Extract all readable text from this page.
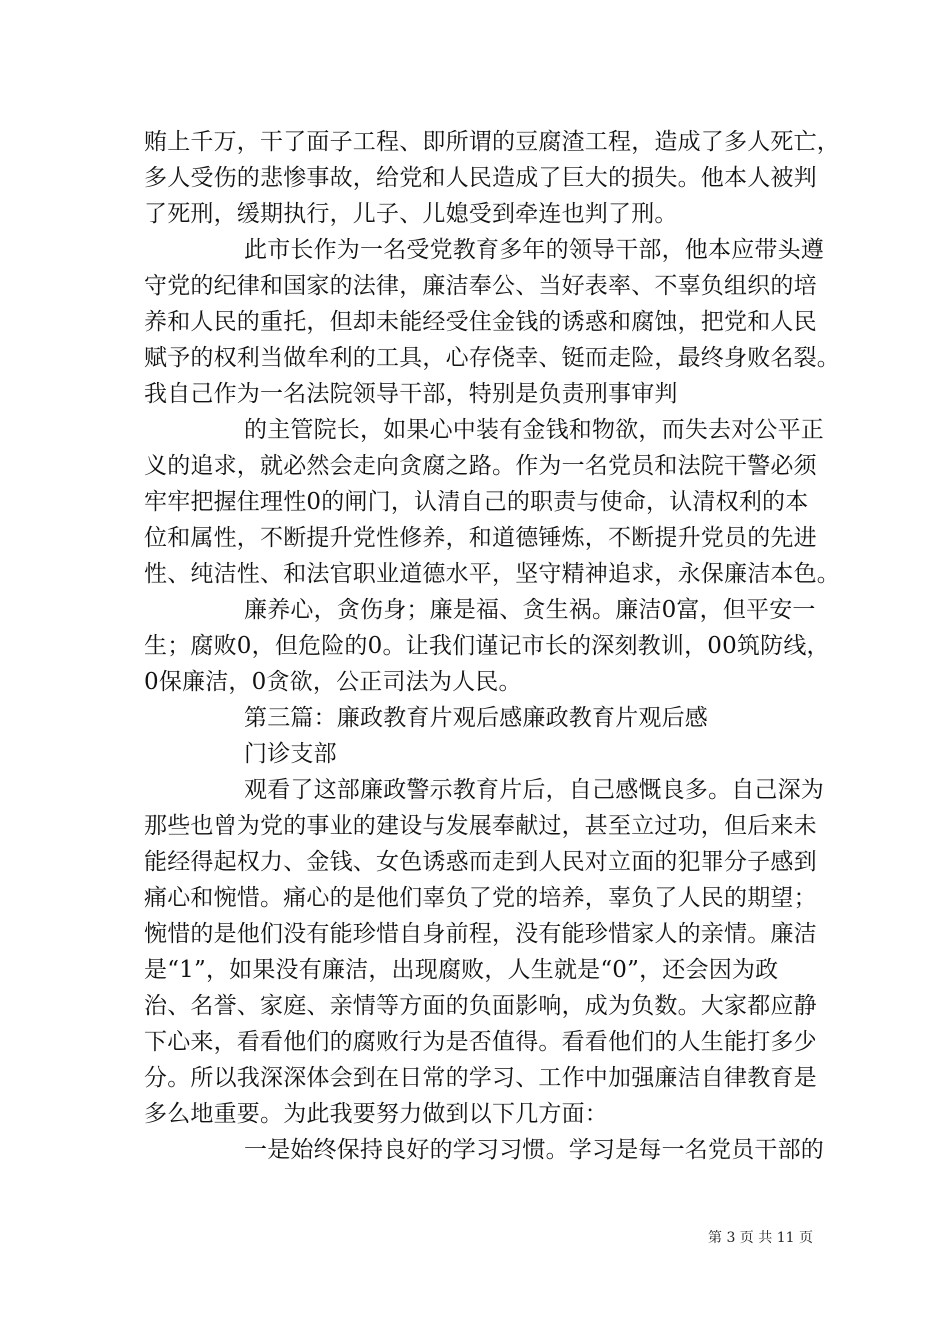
贿上千万，干了面子工程、即所谓的豆腐渣工程，造成了多人死亡，
多人受伤的悲惨事故，给党和人民造成了巨大的损失。他本人被判
了死刑，缓期执行，儿子、儿媳受到牵连也判了刑。
此市长作为一名受党教育多年的领导干部，他本应带头遵
守党的纪律和国家的法律，廉洁奉公、当好表率、不辜负组织的培
养和人民的重托，但却未能经受住金钱的诱惑和腐蚀，把党和人民
赋予的权利当做牟利的工具，心存侥幸、铤而走险，最终身败名裂。
我自己作为一名法院领导干部，特别是负责刑事审判
的主管院长，如果心中装有金钱和物欲，而失去对公平正
义的追求，就必然会走向贪腐之路。作为一名党员和法院干警必须
牢牢把握住理性0的闸门，认清自己的职责与使命，认清权利的本
位和属性，不断提升党性修养，和道德锤炼，不断提升党员的先进
性、纯洁性、和法官职业道德水平，坚守精神追求，永保廉洁本色。
廉养心，贪伤身；廉是福、贪生祸。廉洁0富，但平安一
生；腐败0，但危险的0。让我们谨记市长的深刻教训，00筑防线，
0保廉洁，0贪欲，公正司法为人民。
第三篇：廉政教育片观后感廉政教育片观后感
门诊支部
观看了这部廉政警示教育片后，自己感慨良多。自己深为
那些也曾为党的事业的建设与发展奉献过，甚至立过功，但后来未
能经得起权力、金钱、女色诱惑而走到人民对立面的犯罪分子感到
痛心和惋惜。痛心的是他们辜负了党的培养，辜负了人民的期望；
惋惜的是他们没有能珍惜自身前程，没有能珍惜家人的亲情。廉洁
是“1”，如果没有廉洁，出现腐败，人生就是“0”，还会因为政
治、名誉、家庭、亲情等方面的负面影响，成为负数。大家都应静
下心来，看看他们的腐败行为是否值得。看看他们的人生能打多少
分。所以我深深体会到在日常的学习、工作中加强廉洁自律教育是
多么地重要。为此我要努力做到以下几方面：
一是始终保持良好的学习习惯。学习是每一名党员干部的
第 3 页 共 11 页
